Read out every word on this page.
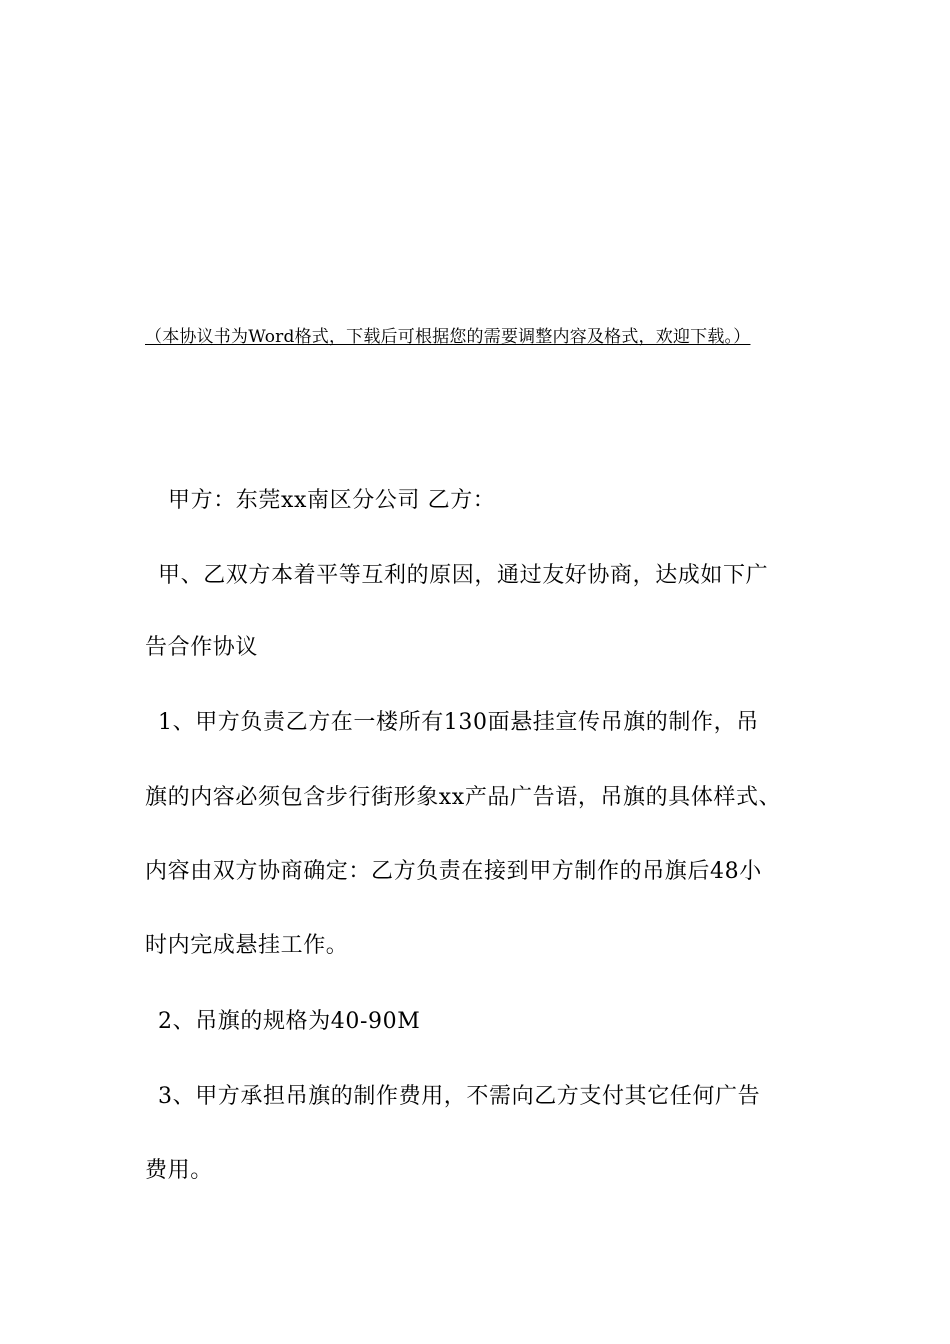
（本协议书为Word格式，下载后可根据您的需要调整内容及格式，欢迎下载。）
甲方：东莞xx南区分公司 乙方：
甲、乙双方本着平等互利的原因，通过友好协商，达成如下广
告合作协议
1、甲方负责乙方在一楼所有130面悬挂宣传吊旗的制作，吊
旗的内容必须包含步行街形象xx产品广告语，吊旗的具体样式、
内容由双方协商确定：乙方负责在接到甲方制作的吊旗后48小
时内完成悬挂工作。
2、吊旗的规格为40-90M
3、甲方承担吊旗的制作费用，不需向乙方支付其它任何广告
费用。
